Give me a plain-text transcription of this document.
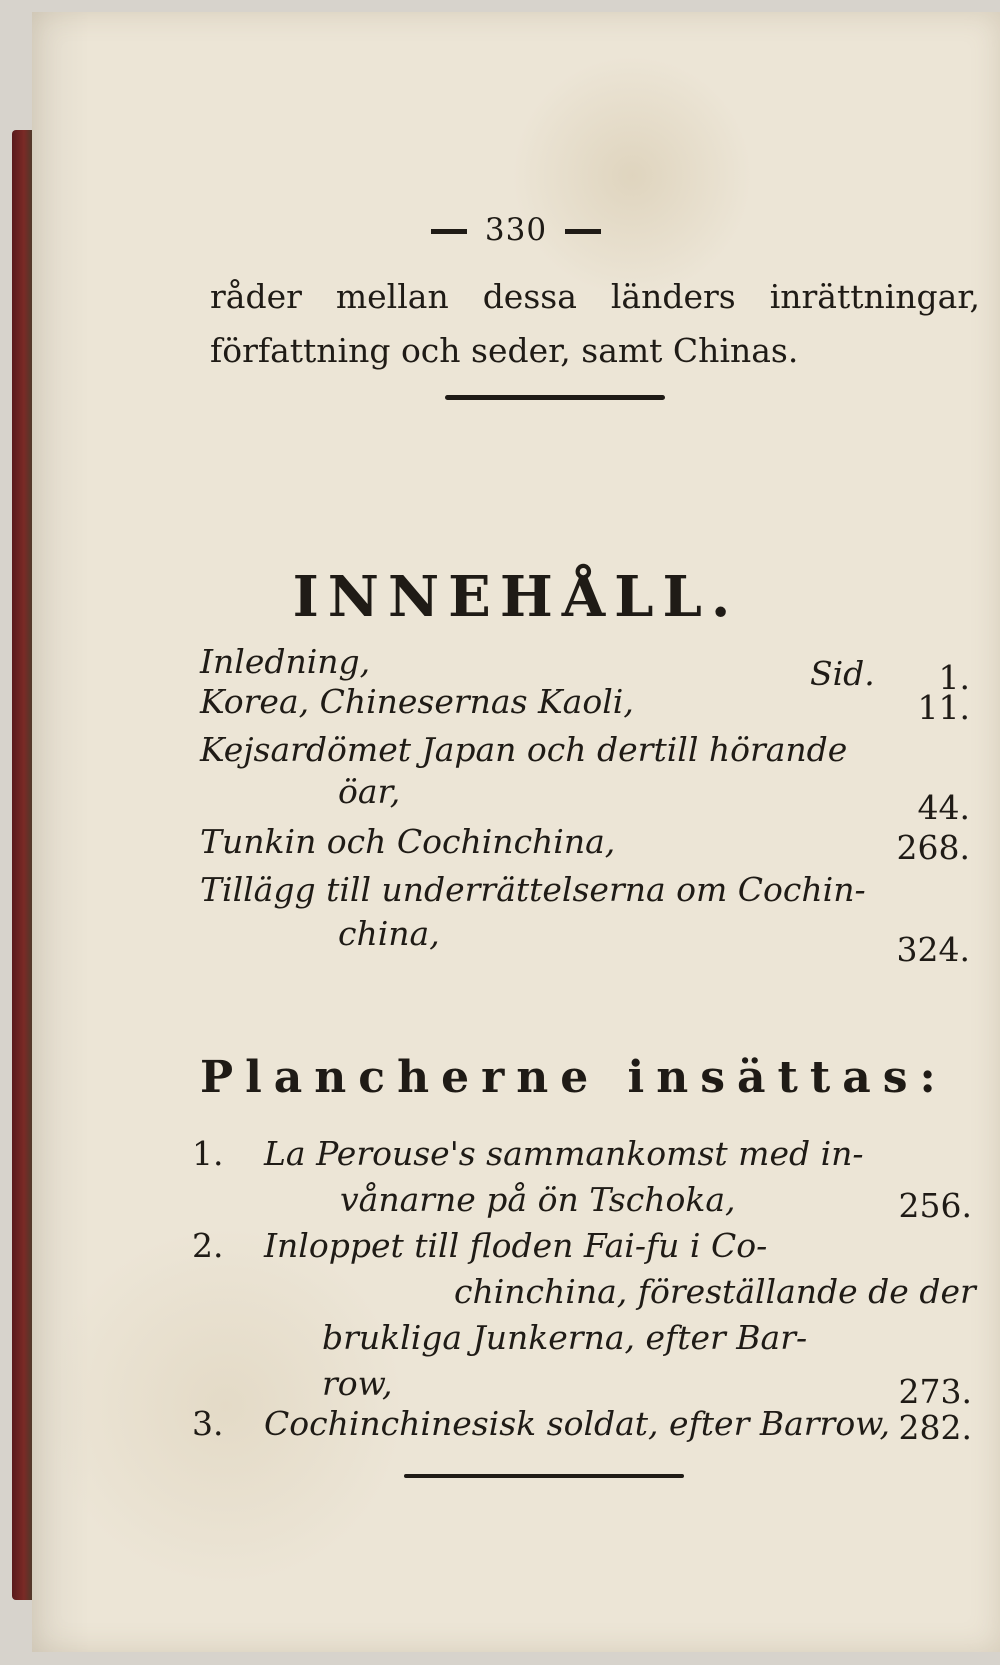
330
råder mellan dessa länders inrättningar,
författning och seder, samt Chinas.
INNEHÅLL.
Inledning,	Sid. 1.
Korea, Chinesernas Kaoli,	11.
Kejsardömet Japan och dertill hörande
öar,	44.
Tunkin och Cochinchina,	268.
Tillägg till underrättelserna om Cochin-
china,	324.
Plancherne insättas:
1. La Perouse's sammankomst med in-
vånarne på ön Tschoka,	256.
2. Inloppet till floden Fai-fu i Co-
chinchina, föreställande de der
brukliga Junkerna, efter Bar-
row,	273.
3. Cochinchinesisk soldat, efter Barrow, 282.
